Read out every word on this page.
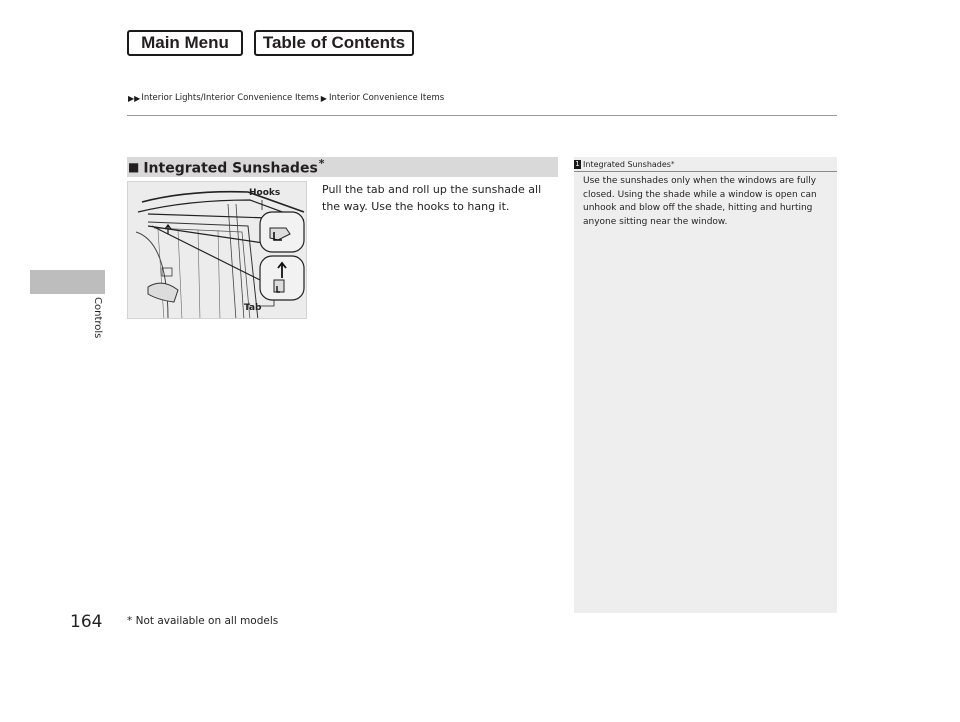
Main Menu	Table of Contents
▶▶ Interior Lights/Interior Convenience Items ▶ Interior Convenience Items
Controls
■ Integrated Sunshades*
Hooks
Tab
Pull the tab and roll up the sunshade all the way. Use the hooks to hang it.
1 Integrated Sunshades *
Use the sunshades only when the windows are fully closed. Using the shade while a window is open can unhook and blow off the shade, hitting and hurting anyone sitting near the window.
164 * Not available on all models
